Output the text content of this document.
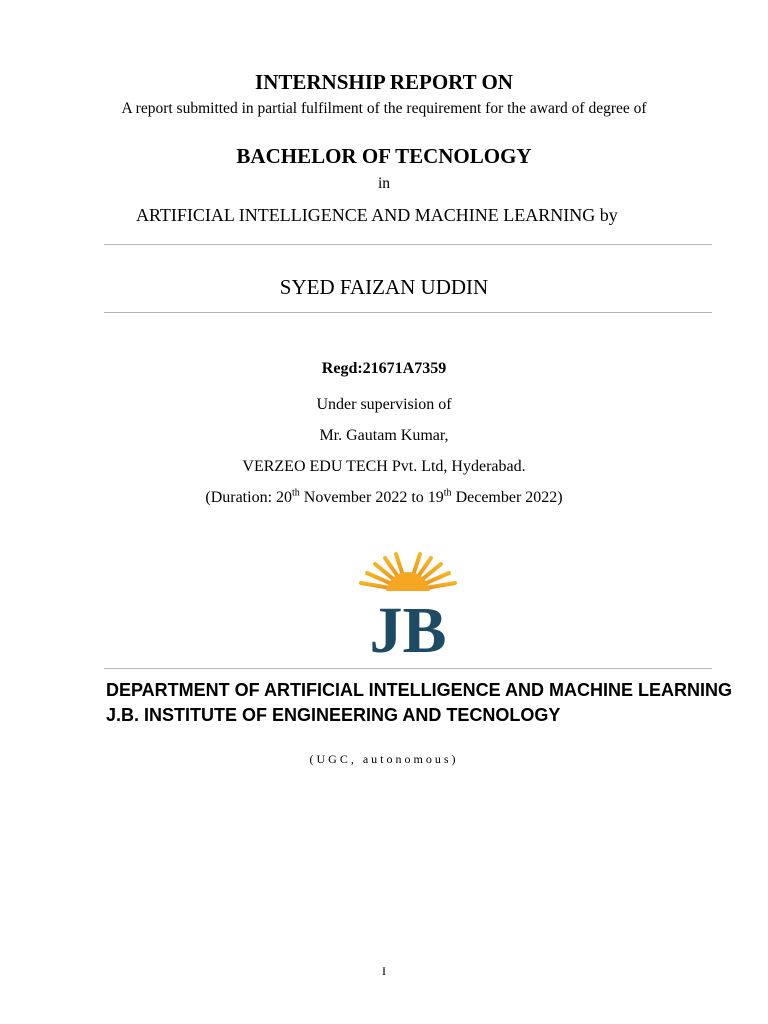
INTERNSHIP REPORT ON
A report submitted in partial fulfilment of the requirement for the award of degree of
BACHELOR OF TECNOLOGY
in
ARTIFICIAL INTELLIGENCE AND MACHINE LEARNING by
SYED FAIZAN UDDIN
Regd:21671A7359
Under supervision of
Mr. Gautam Kumar,
VERZEO EDU TECH Pvt. Ltd, Hyderabad.
(Duration: 20th November 2022 to 19th December 2022)
JB
DEPARTMENT OF ARTIFICIAL INTELLIGENCE AND MACHINE LEARNING J.B. INSTITUTE OF ENGINEERING AND TECNOLOGY
(UGC, autonomous)
I
